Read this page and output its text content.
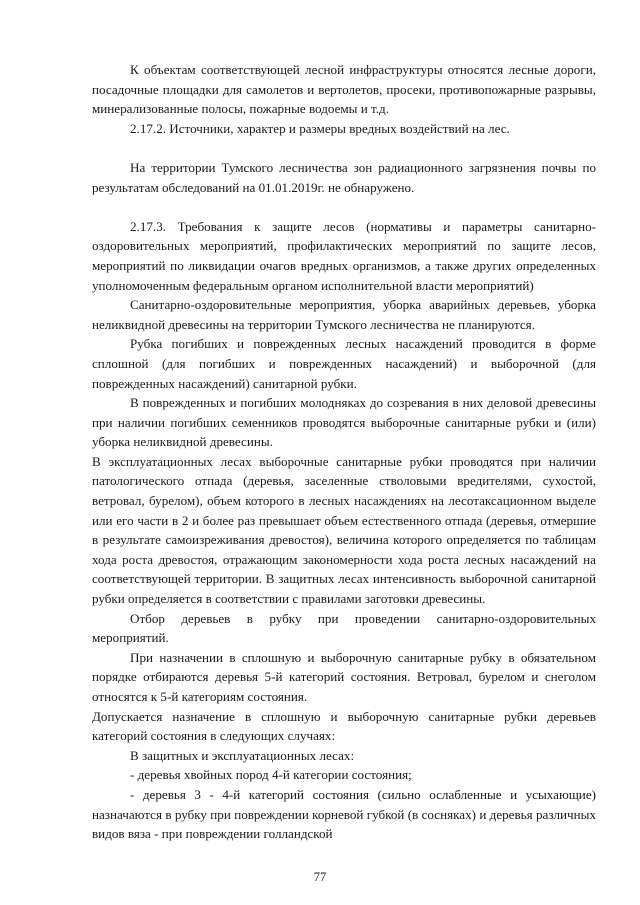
К объектам соответствующей лесной инфраструктуры относятся лесные дороги, посадочные площадки для самолетов и вертолетов, просеки, противопожарные разрывы, минерализованные полосы, пожарные водоемы и т.д.

2.17.2. Источники, характер и размеры вредных воздействий на лес.

На территории Тумского лесничества зон радиационного загрязнения почвы по результатам обследований на 01.01.2019г. не обнаружено.

2.17.3. Требования к защите лесов (нормативы и параметры санитарно-оздоровительных мероприятий, профилактических мероприятий по защите лесов, мероприятий по ликвидации очагов вредных организмов, а также других определенных уполномоченным федеральным органом исполнительной власти мероприятий)

Санитарно-оздоровительные мероприятия, уборка аварийных деревьев, уборка неликвидной древесины на территории Тумского лесничества не планируются.

Рубка погибших и поврежденных лесных насаждений проводится в форме сплошной (для погибших и поврежденных насаждений) и выборочной (для поврежденных насаждений) санитарной рубки.

В поврежденных и погибших молодняках до созревания в них деловой древесины при наличии погибших семенников проводятся выборочные санитарные рубки и (или) уборка неликвидной древесины.

В эксплуатационных лесах выборочные санитарные рубки проводятся при наличии патологического отпада (деревья, заселенные стволовыми вредителями, сухостой, ветровал, бурелом), объем которого в лесных насаждениях на лесотаксационном выделе или его части в 2 и более раз превышает объем естественного отпада (деревья, отмершие в результате самоизреживания древостоя), величина которого определяется по таблицам хода роста древостоя, отражающим закономерности хода роста лесных насаждений на соответствующей территории. В защитных лесах интенсивность выборочной санитарной рубки определяется в соответствии с правилами заготовки древесины.

Отбор деревьев в рубку при проведении санитарно-оздоровительных мероприятий.

При назначении в сплошную и выборочную санитарные рубку в обязательном порядке отбираются деревья 5-й категорий состояния. Ветровал, бурелом и снеголом относятся к 5-й категориям состояния.

Допускается назначение в сплошную и выборочную санитарные рубки деревьев категорий состояния в следующих случаях:

В защитных и эксплуатационных лесах:

- деревья хвойных пород 4-й категории состояния;

- деревья 3 - 4-й категорий состояния (сильно ослабленные и усыхающие) назначаются в рубку при повреждении корневой губкой (в сосняках) и деревья различных видов вяза - при повреждении голландской

77
